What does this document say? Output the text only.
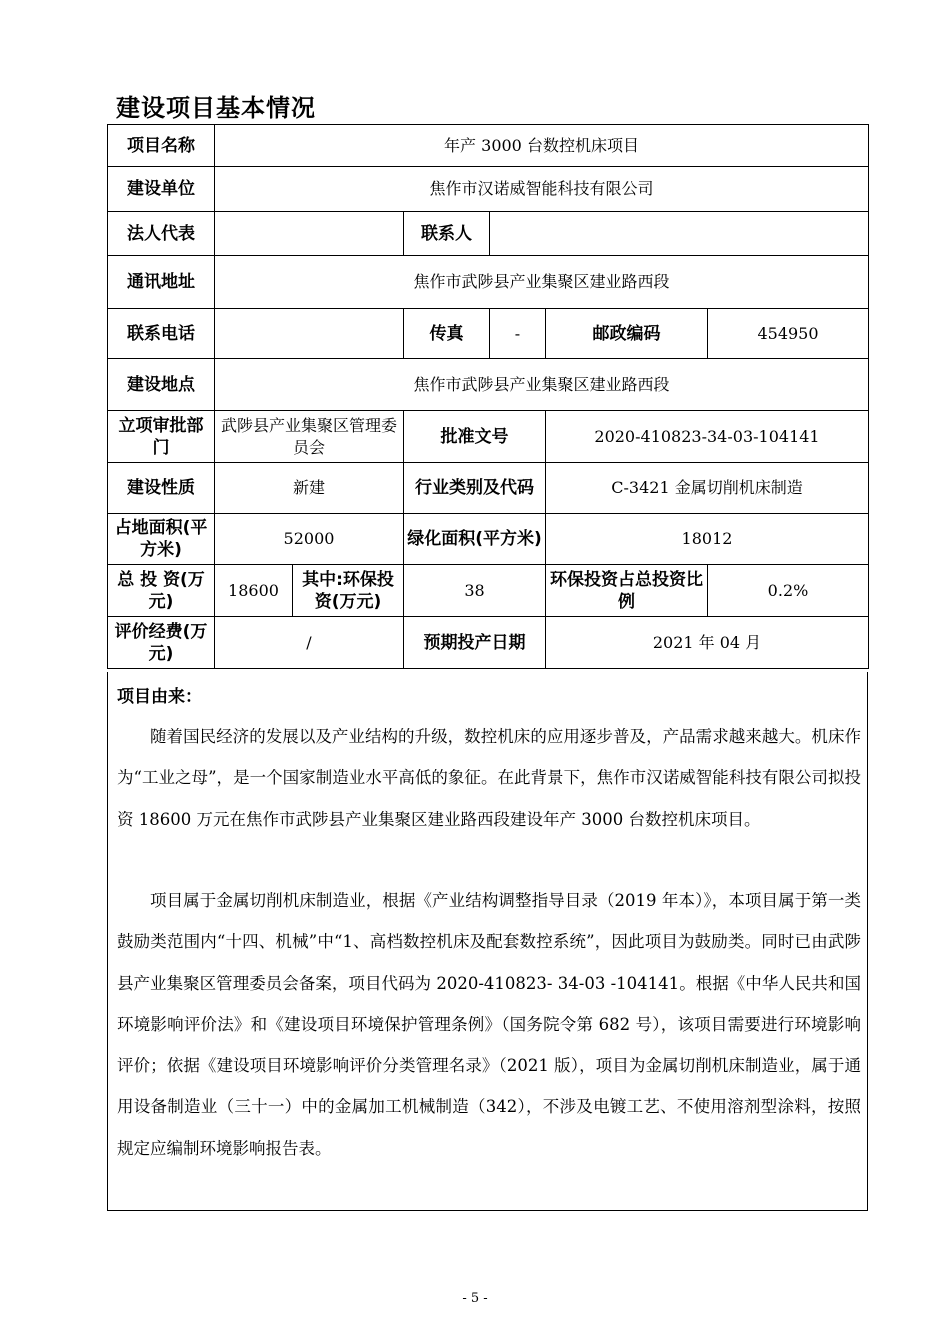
建设项目基本情况
项目名称	年产 3000 台数控机床项目					
建设单位	焦作市汉诺威智能科技有限公司					
法人代表			联系人			
通讯地址	焦作市武陟县产业集聚区建业路西段					
联系电话			传真	-	邮政编码	454950
建设地点	焦作市武陟县产业集聚区建业路西段					
立项审批部门	武陟县产业集聚区管理委员会		批准文号		2020-410823-34-03-104141	
建设性质	新建		行业类别及代码		C-3421 金属切削机床制造	
占地面积(平方米)	52000		绿化面积(平方米)		18012	
总 投 资(万元)	18600	其中:环保投资(万元)	38		环保投资占总投资比例	0.2%
评价经费(万元)	/		预期投产日期		2021 年 04 月	
项目由来：

随着国民经济的发展以及产业结构的升级，数控机床的应用逐步普及，产品需求越来越大。机床作为“工业之母”，是一个国家制造业水平高低的象征。在此背景下，焦作市汉诺威智能科技有限公司拟投资 18600 万元在焦作市武陟县产业集聚区建业路西段建设年产 3000 台数控机床项目。

项目属于金属切削机床制造业，根据《产业结构调整指导目录（2019 年本）》，本项目属于第一类鼓励类范围内“十四、机械”中“1、高档数控机床及配套数控系统”，因此项目为鼓励类。同时已由武陟县产业集聚区管理委员会备案，项目代码为 2020-410823- 34-03 -104141。根据《中华人民共和国环境影响评价法》和《建设项目环境保护管理条例》（国务院令第 682 号），该项目需要进行环境影响评价；依据《建设项目环境影响评价分类管理名录》（2021 版），项目为金属切削机床制造业，属于通用设备制造业（三十一）中的金属加工机械制造（342），不涉及电镀工艺、不使用溶剂型涂料，按照规定应编制环境影响报告表。

- 5 -
